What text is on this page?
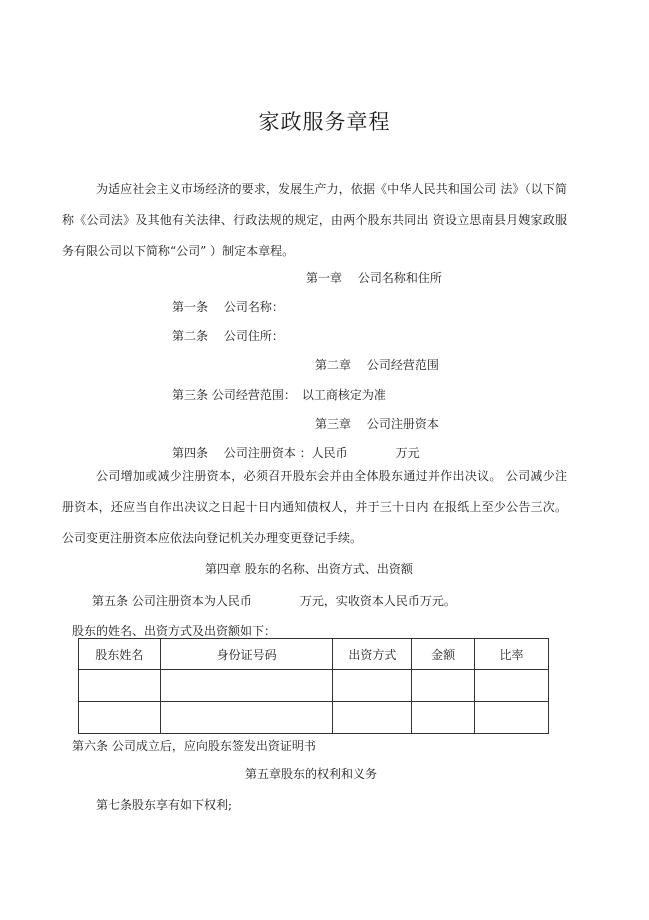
家政服务章程
为适应社会主义市场经济的要求，发展生产力，依据《中华人民共和国公司 法》（以下简称《公司法》及其他有关法律、行政法规的规定，由两个股东共同出 资设立思南县月嫂家政服务有限公司以下简称“公司” ）制定本章程。
第一章　 公司名称和住所
第一条　 公司名称：
第二条　 公司住所：
第二章　 公司经营范围
第三条 公司经营范围：　以工商核定为准
第三章　 公司注册资本
第四条　 公司注册资本 ：人民币　　　　万元
公司增加或减少注册资本，必须召开股东会并由全体股东通过并作出决议。 公司减少注册资本，还应当自作出决议之日起十日内通知债权人，并于三十日内 在报纸上至少公告三次。 公司变更注册资本应依法向登记机关办理变更登记手续。
第四章 股东的名称、出资方式、出资额
第五条 公司注册资本为人民币　　　　万元，实收资本人民币万元。
股东的姓名、出资方式及出资额如下：
股东姓名	身份证号码	出资方式	金额	比率

第六条 公司成立后，应向股东签发出资证明书
第五章股东的权利和义务
第七条股东享有如下权利;
